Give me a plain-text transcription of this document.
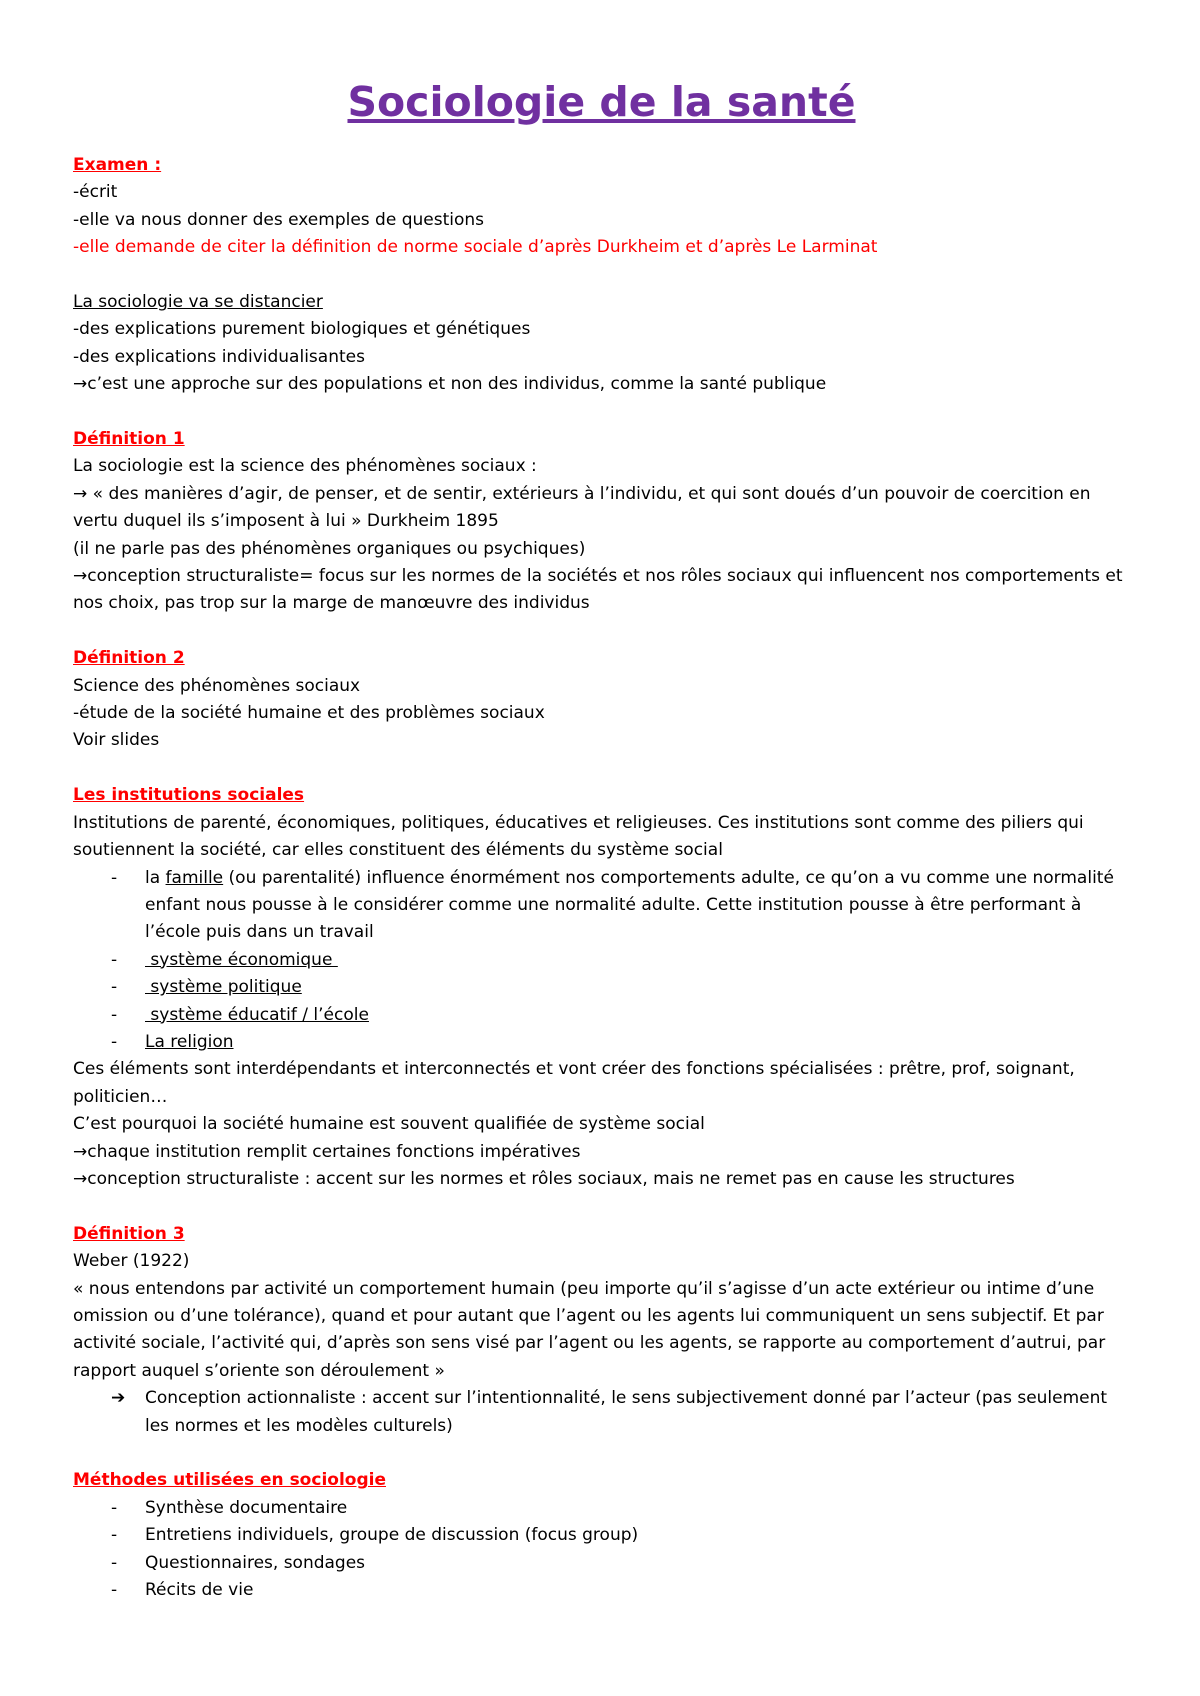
Sociologie de la santé

Examen :

-écrit

-elle va nous donner des exemples de questions

-elle demande de citer la définition de norme sociale d’après Durkheim et d’après Le Larminat

La sociologie va se distancier

-des explications purement biologiques et génétiques

-des explications individualisantes

→c’est une approche sur des populations et non des individus, comme la santé publique

Définition 1

La sociologie est la science des phénomènes sociaux :

→ « des manières d’agir, de penser, et de sentir, extérieurs à l’individu, et qui sont doués d’un pouvoir de coercition en vertu duquel ils s’imposent à lui » Durkheim 1895

(il ne parle pas des phénomènes organiques ou psychiques)

→conception structuraliste= focus sur les normes de la sociétés et nos rôles sociaux qui influencent nos comportements et nos choix, pas trop sur la marge de manœuvre des individus

Définition 2

Science des phénomènes sociaux

-étude de la société humaine et des problèmes sociaux

Voir slides

Les institutions sociales

Institutions de parenté, économiques, politiques, éducatives et religieuses. Ces institutions sont comme des piliers qui soutiennent la société, car elles constituent des éléments du système social

- la famille (ou parentalité) influence énormément nos comportements adulte, ce qu’on a vu comme une normalité enfant nous pousse à le considérer comme une normalité adulte. Cette institution pousse à être performant à l’école puis dans un travail
- système économique
- système politique
- système éducatif / l’école
- La religion

Ces éléments sont interdépendants et interconnectés et vont créer des fonctions spécialisées : prêtre, prof, soignant, politicien…

C’est pourquoi la société humaine est souvent qualifiée de système social

→chaque institution remplit certaines fonctions impératives

→conception structuraliste : accent sur les normes et rôles sociaux, mais ne remet pas en cause les structures

Définition 3

Weber (1922)

« nous entendons par activité un comportement humain (peu importe qu’il s’agisse d’un acte extérieur ou intime d’une omission ou d’une tolérance), quand et pour autant que l’agent ou les agents lui communiquent un sens subjectif. Et par activité sociale, l’activité qui, d’après son sens visé par l’agent ou les agents, se rapporte au comportement d’autrui, par rapport auquel s’oriente son déroulement »

➔ Conception actionnaliste : accent sur l’intentionnalité, le sens subjectivement donné par l’acteur (pas seulement les normes et les modèles culturels)

Méthodes utilisées en sociologie

- Synthèse documentaire
- Entretiens individuels, groupe de discussion (focus group)
- Questionnaires, sondages
- Récits de vie
